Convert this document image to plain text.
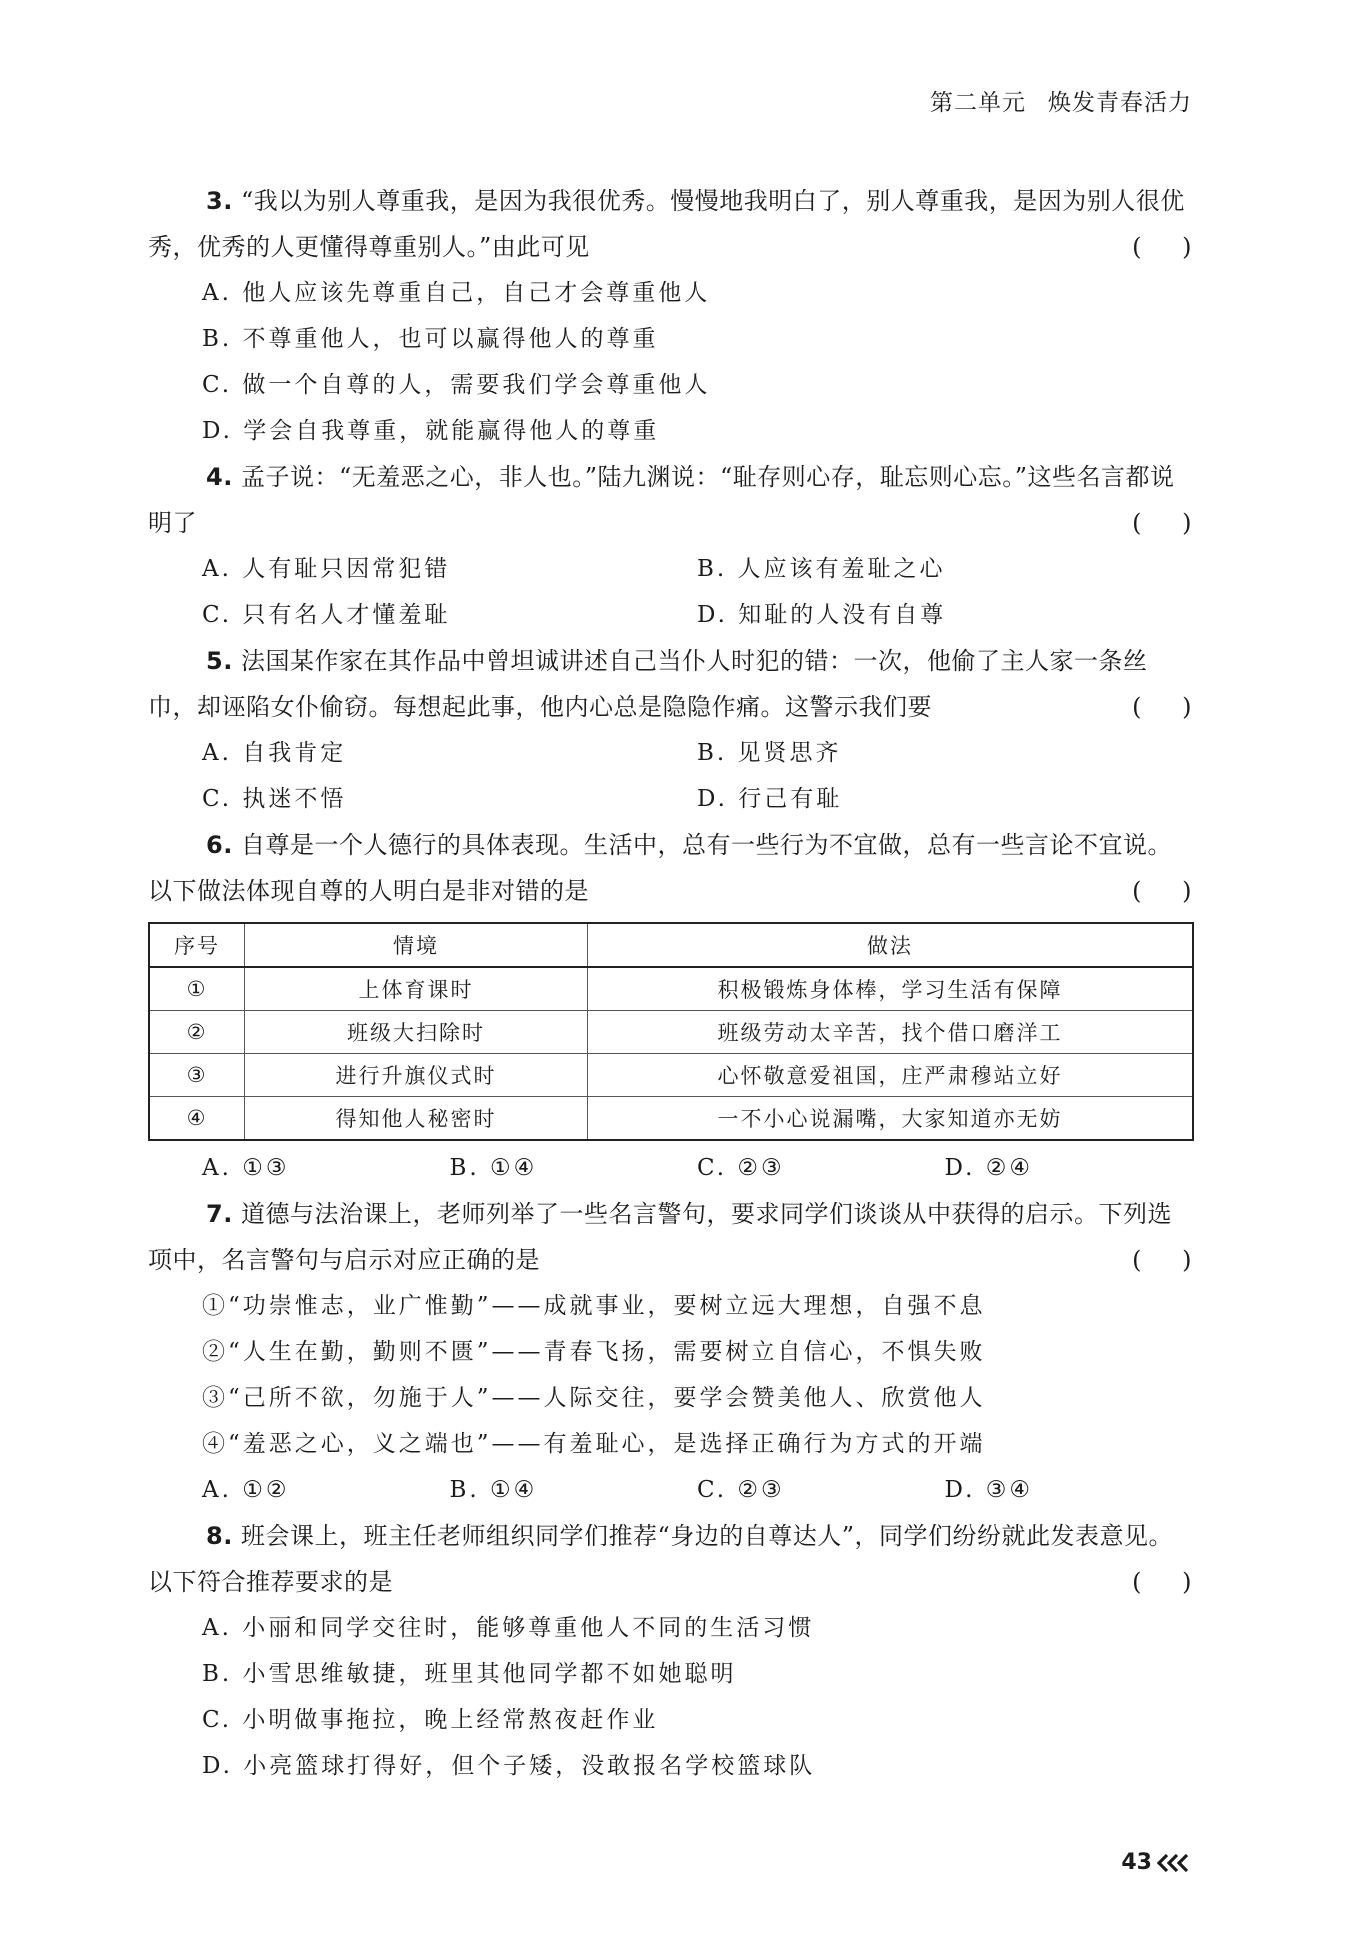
第二单元 焕发青春活力

3. “我以为别人尊重我，是因为我很优秀。慢慢地我明白了，别人尊重我，是因为别人很优秀，优秀的人更懂得尊重别人。”由此可见	( )

A. 他人应该先尊重自己，自己才会尊重他人

B. 不尊重他人，也可以赢得他人的尊重

C. 做一个自尊的人，需要我们学会尊重他人

D. 学会自我尊重，就能赢得他人的尊重

4. 孟子说：“无羞恶之心，非人也。”陆九渊说：“耻存则心存，耻忘则心忘。”这些名言都说明了	( )

A. 人有耻只因常犯错	B. 人应该有羞耻之心
C. 只有名人才懂羞耻	D. 知耻的人没有自尊

5. 法国某作家在其作品中曾坦诚讲述自己当仆人时犯的错：一次，他偷了主人家一条丝巾，却诬陷女仆偷窃。每想起此事，他内心总是隐隐作痛。这警示我们要	( )

A. 自我肯定	B. 见贤思齐
C. 执迷不悟	D. 行己有耻

6. 自尊是一个人德行的具体表现。生活中，总有一些行为不宜做，总有一些言论不宜说。以下做法体现自尊的人明白是非对错的是	( )

序号	情境	做法
①	上体育课时	积极锻炼身体棒，学习生活有保障
②	班级大扫除时	班级劳动太辛苦，找个借口磨洋工
③	进行升旗仪式时	心怀敬意爱祖国，庄严肃穆站立好
④	得知他人秘密时	一不小心说漏嘴，大家知道亦无妨
A. ①③	B. ①④	C. ②③	D. ②④

7. 道德与法治课上，老师列举了一些名言警句，要求同学们谈谈从中获得的启示。下列选项中，名言警句与启示对应正确的是	( )

①“功崇惟志，业广惟勤”——成就事业，要树立远大理想，自强不息

②“人生在勤，勤则不匮”——青春飞扬，需要树立自信心，不惧失败

③“己所不欲，勿施于人”——人际交往，要学会赞美他人、欣赏他人

④“羞恶之心，义之端也”——有羞耻心，是选择正确行为方式的开端

A. ①②	B. ①④	C. ②③	D. ③④

8. 班会课上，班主任老师组织同学们推荐“身边的自尊达人”，同学们纷纷就此发表意见。以下符合推荐要求的是	( )

A. 小丽和同学交往时，能够尊重他人不同的生活习惯

B. 小雪思维敏捷，班里其他同学都不如她聪明

C. 小明做事拖拉，晚上经常熬夜赶作业

D. 小亮篮球打得好，但个子矮，没敢报名学校篮球队

43
